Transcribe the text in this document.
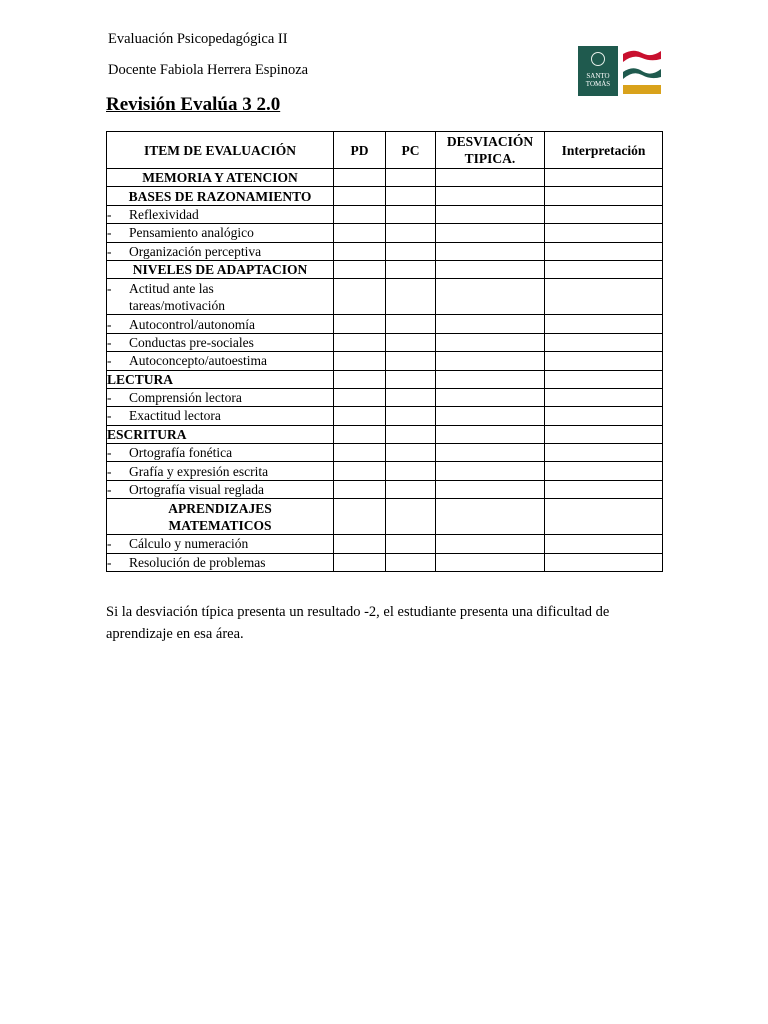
Evaluación Psicopedagógica II

Docente Fabiola Herrera Espinoza

Revisión Evalúa 3 2.0
SANTO
TOMÁS
ITEM DE EVALUACIÓN	PD	PC	DESVIACIÓN TIPICA.	Interpretación
MEMORIA Y ATENCION				
BASES DE RAZONAMIENTO				
- Reflexividad				
- Pensamiento analógico				
- Organización perceptiva				
NIVELES DE ADAPTACION				
- Actitud ante las tareas/motivación				
- Autocontrol/autonomía				
- Conductas pre-sociales				
- Autoconcepto/autoestima				
LECTURA				
- Comprensión lectora				
- Exactitud lectora				
ESCRITURA				
- Ortografía fonética				
- Grafía y expresión escrita				
- Ortografía visual reglada				
APRENDIZAJES MATEMATICOS				
- Cálculo y numeración				
- Resolución de problemas				

Si la desviación típica presenta un resultado -2, el estudiante presenta una dificultad de aprendizaje en esa área.
